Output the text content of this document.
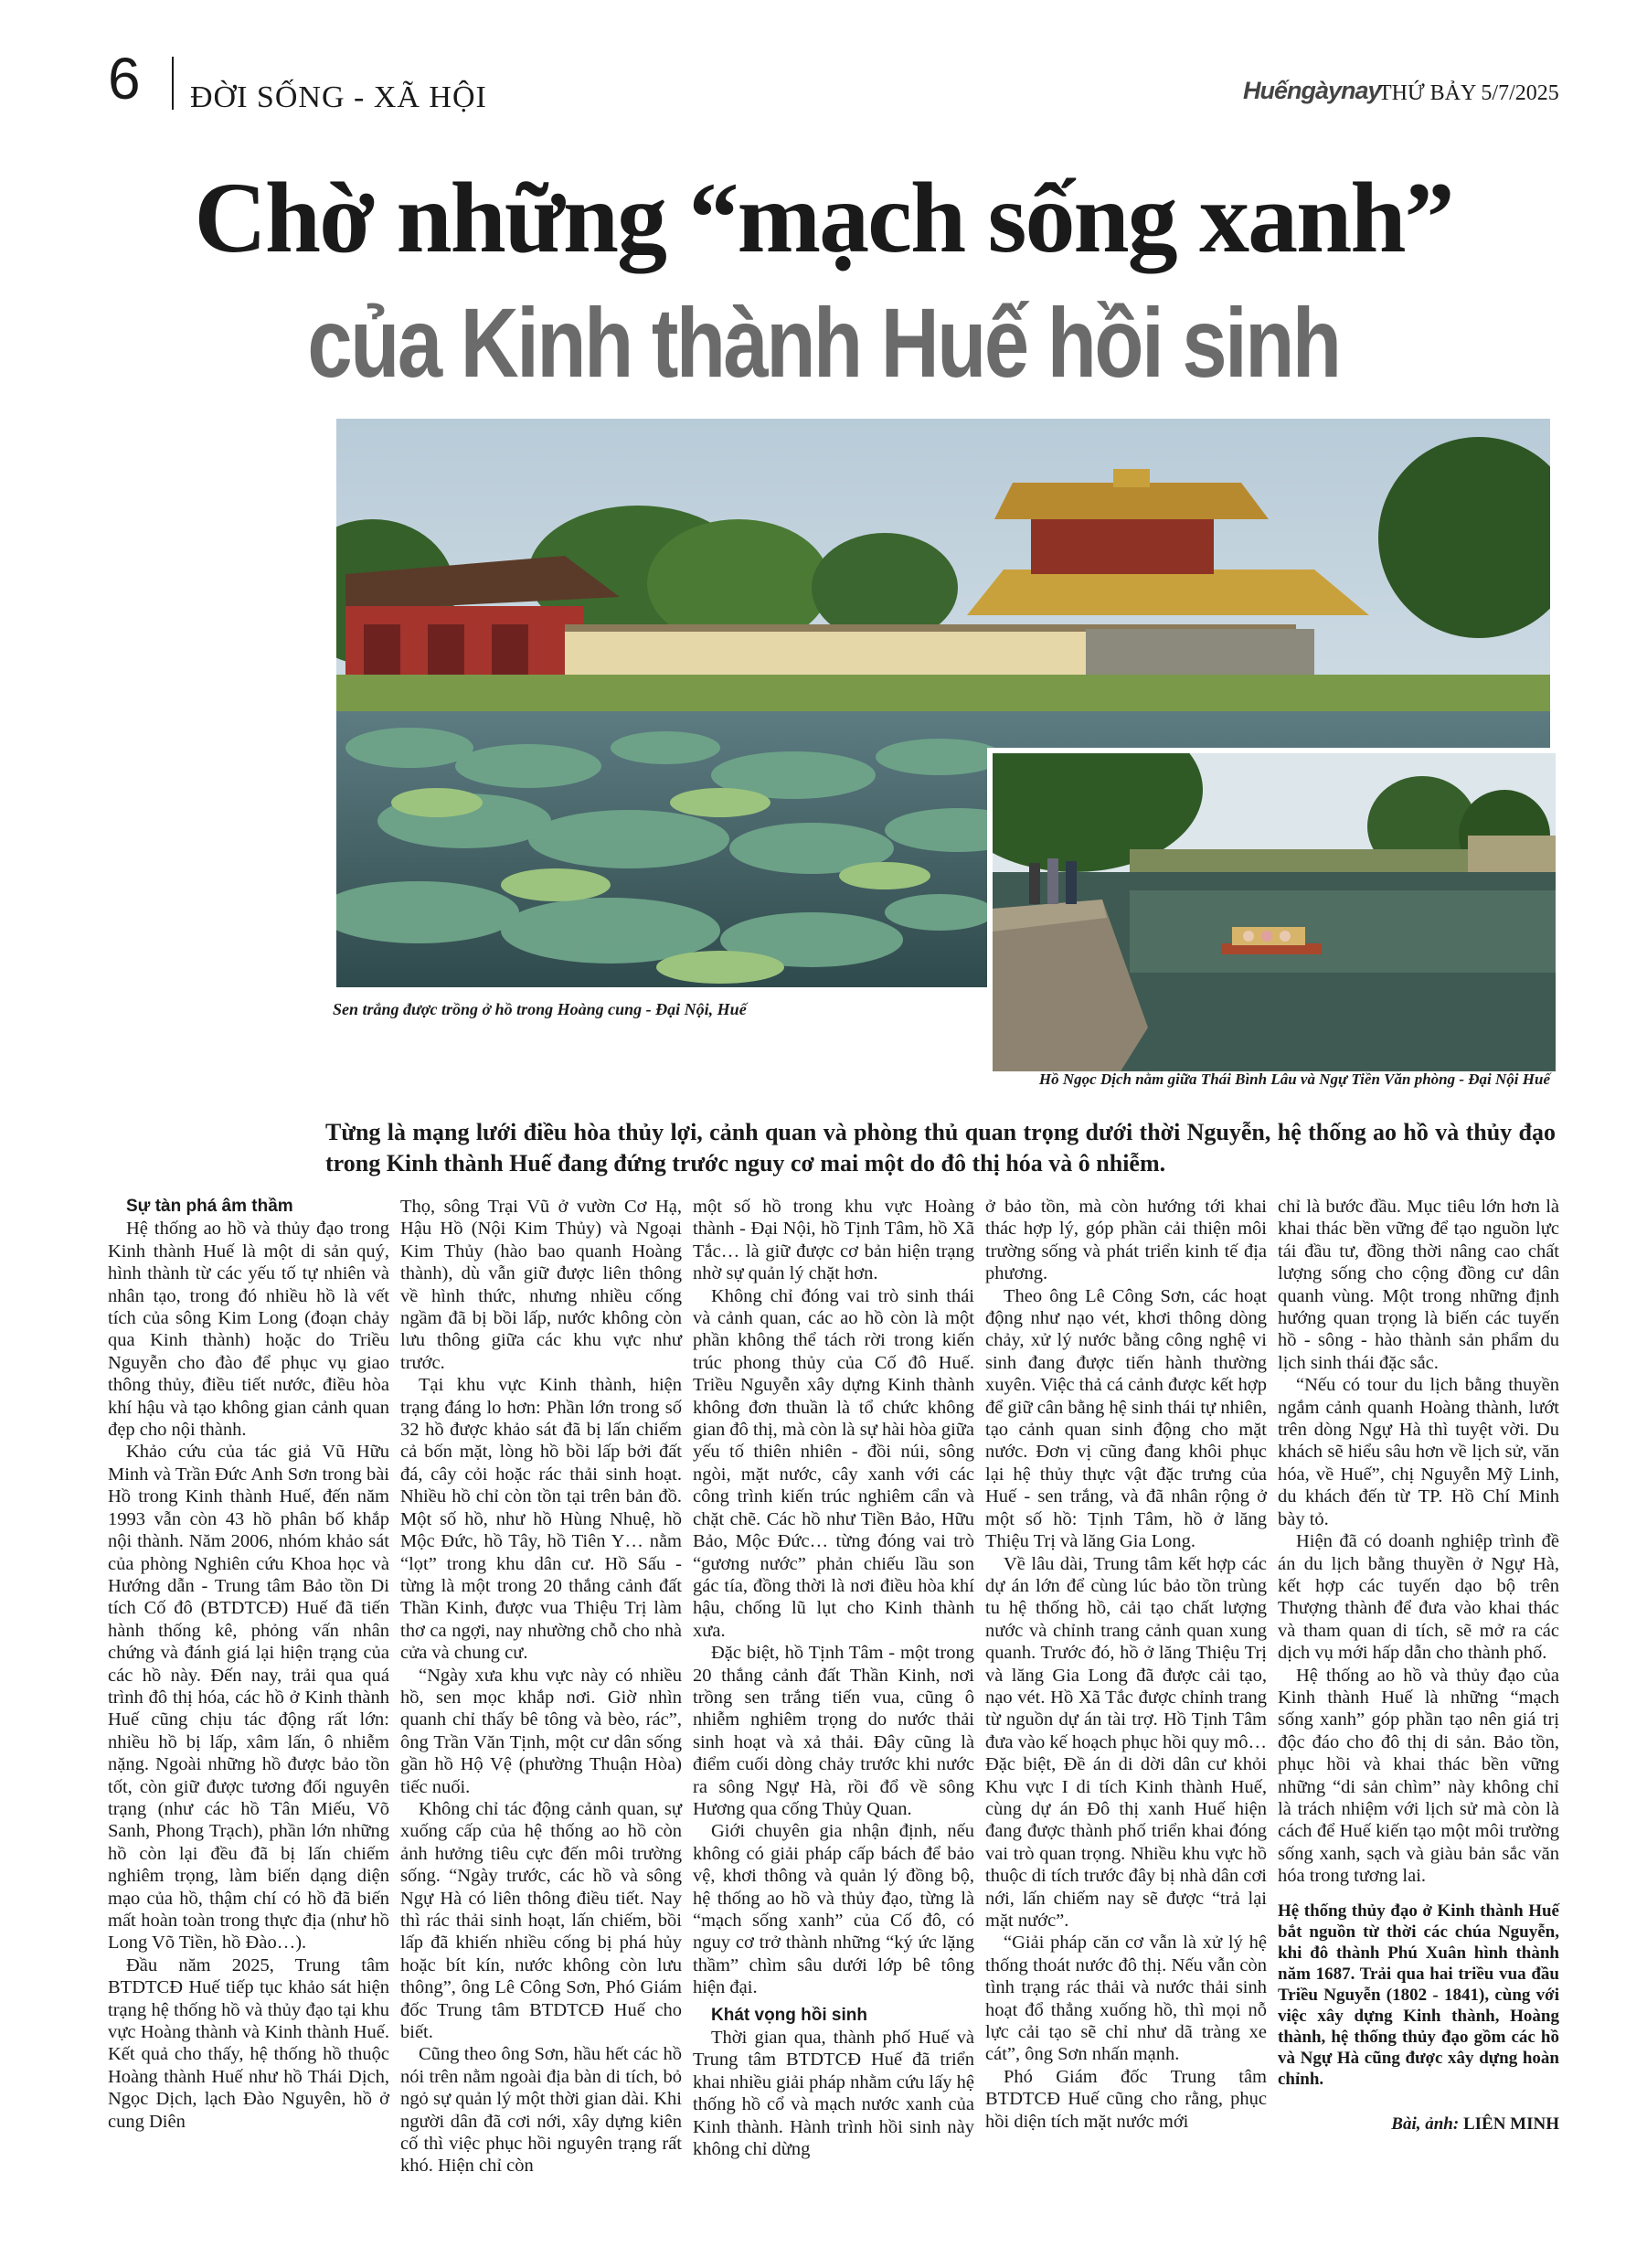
6 ĐỜI SỐNG - XÃ HỘI	Huếngàynay
THỨ BẢY 5/7/2025
Chờ những “mạch sống xanh”
của Kinh thành Huế hồi sinh
Sen trắng được trồng ở hồ trong Hoàng cung - Đại Nội, Huế
Hồ Ngọc Dịch nằm giữa Thái Bình Lâu và Ngự Tiền Văn phòng - Đại Nội Huế
Từng là mạng lưới điều hòa thủy lợi, cảnh quan và phòng thủ quan trọng dưới thời Nguyễn, hệ thống ao hồ và thủy đạo trong Kinh thành Huế đang đứng trước nguy cơ mai một do đô thị hóa và ô nhiễm.

Sự tàn phá âm thầm

Hệ thống ao hồ và thủy đạo trong Kinh thành Huế là một di sản quý, hình thành từ các yếu tố tự nhiên và nhân tạo, trong đó nhiều hồ là vết tích của sông Kim Long (đoạn chảy qua Kinh thành) hoặc do Triều Nguyễn cho đào để phục vụ giao thông thủy, điều tiết nước, điều hòa khí hậu và tạo không gian cảnh quan đẹp cho nội thành.

Khảo cứu của tác giả Vũ Hữu Minh và Trần Đức Anh Sơn trong bài Hồ trong Kinh thành Huế, đến năm 1993 vẫn còn 43 hồ phân bố khắp nội thành. Năm 2006, nhóm khảo sát của phòng Nghiên cứu Khoa học và Hướng dẫn - Trung tâm Bảo tồn Di tích Cố đô (BTDTCĐ) Huế đã tiến hành thống kê, phỏng vấn nhân chứng và đánh giá lại hiện trạng của các hồ này. Đến nay, trải qua quá trình đô thị hóa, các hồ ở Kinh thành Huế cũng chịu tác động rất lớn: nhiều hồ bị lấp, xâm lấn, ô nhiễm nặng. Ngoài những hồ được bảo tồn tốt, còn giữ được tương đối nguyên trạng (như các hồ Tân Miếu, Võ Sanh, Phong Trạch), phần lớn những hồ còn lại đều đã bị lấn chiếm nghiêm trọng, làm biến dạng diện mạo của hồ, thậm chí có hồ đã biến mất hoàn toàn trong thực địa (như hồ Long Võ Tiền, hồ Đào…).

Đầu năm 2025, Trung tâm BTDTCĐ Huế tiếp tục khảo sát hiện trạng hệ thống hồ và thủy đạo tại khu vực Hoàng thành và Kinh thành Huế. Kết quả cho thấy, hệ thống hồ thuộc Hoàng thành Huế như hồ Thái Dịch, Ngọc Dịch, lạch Đào Nguyên, hồ ở cung Diên

Thọ, sông Trại Vũ ở vườn Cơ Hạ, Hậu Hồ (Nội Kim Thủy) và Ngoại Kim Thủy (hào bao quanh Hoàng thành), dù vẫn giữ được liên thông về hình thức, nhưng nhiều cống ngầm đã bị bồi lấp, nước không còn lưu thông giữa các khu vực như trước.

Tại khu vực Kinh thành, hiện trạng đáng lo hơn: Phần lớn trong số 32 hồ được khảo sát đã bị lấn chiếm cả bốn mặt, lòng hồ bồi lấp bởi đất đá, cây cỏi hoặc rác thải sinh hoạt. Nhiều hồ chỉ còn tồn tại trên bản đồ. Một số hồ, như hồ Hùng Nhuệ, hồ Mộc Đức, hồ Tây, hồ Tiên Y… nằm “lọt” trong khu dân cư. Hồ Sấu - từng là một trong 20 thắng cảnh đất Thần Kinh, được vua Thiệu Trị làm thơ ca ngợi, nay nhường chỗ cho nhà cửa và chung cư.

“Ngày xưa khu vực này có nhiều hồ, sen mọc khắp nơi. Giờ nhìn quanh chỉ thấy bê tông và bèo, rác”, ông Trần Văn Tịnh, một cư dân sống gần hồ Hộ Vệ (phường Thuận Hòa) tiếc nuối.

Không chỉ tác động cảnh quan, sự xuống cấp của hệ thống ao hồ còn ảnh hưởng tiêu cực đến môi trường sống. “Ngày trước, các hồ và sông Ngự Hà có liên thông điều tiết. Nay thì rác thải sinh hoạt, lấn chiếm, bồi lấp đã khiến nhiều cống bị phá hủy hoặc bít kín, nước không còn lưu thông”, ông Lê Công Sơn, Phó Giám đốc Trung tâm BTDTCĐ Huế cho biết.

Cũng theo ông Sơn, hầu hết các hồ nói trên nằm ngoài địa bàn di tích, bỏ ngỏ sự quản lý một thời gian dài. Khi người dân đã cơi nới, xây dựng kiên cố thì việc phục hồi nguyên trạng rất khó. Hiện chỉ còn

một số hồ trong khu vực Hoàng thành - Đại Nội, hồ Tịnh Tâm, hồ Xã Tắc… là giữ được cơ bản hiện trạng nhờ sự quản lý chặt hơn.

Không chỉ đóng vai trò sinh thái và cảnh quan, các ao hồ còn là một phần không thể tách rời trong kiến trúc phong thủy của Cố đô Huế. Triều Nguyễn xây dựng Kinh thành không đơn thuần là tổ chức không gian đô thị, mà còn là sự hài hòa giữa yếu tố thiên nhiên - đồi núi, sông ngòi, mặt nước, cây xanh với các công trình kiến trúc nghiêm cẩn và chặt chẽ. Các hồ như Tiền Bảo, Hữu Bảo, Mộc Đức… từng đóng vai trò “gương nước” phản chiếu lầu son gác tía, đồng thời là nơi điều hòa khí hậu, chống lũ lụt cho Kinh thành xưa.

Đặc biệt, hồ Tịnh Tâm - một trong 20 thắng cảnh đất Thần Kinh, nơi trồng sen trắng tiến vua, cũng ô nhiễm nghiêm trọng do nước thải sinh hoạt và xả thải. Đây cũng là điểm cuối dòng chảy trước khi nước ra sông Ngự Hà, rồi đổ về sông Hương qua cống Thủy Quan.

Giới chuyên gia nhận định, nếu không có giải pháp cấp bách để bảo vệ, khơi thông và quản lý đồng bộ, hệ thống ao hồ và thủy đạo, từng là “mạch sống xanh” của Cố đô, có nguy cơ trở thành những “ký ức lặng thầm” chìm sâu dưới lớp bê tông hiện đại.

Khát vọng hồi sinh

Thời gian qua, thành phố Huế và Trung tâm BTDTCĐ Huế đã triển khai nhiều giải pháp nhằm cứu lấy hệ thống hồ cổ và mạch nước xanh của Kinh thành. Hành trình hồi sinh này không chỉ dừng

ở bảo tồn, mà còn hướng tới khai thác hợp lý, góp phần cải thiện môi trường sống và phát triển kinh tế địa phương.

Theo ông Lê Công Sơn, các hoạt động như nạo vét, khơi thông dòng chảy, xử lý nước bằng công nghệ vi sinh đang được tiến hành thường xuyên. Việc thả cá cảnh được kết hợp để giữ cân bằng hệ sinh thái tự nhiên, tạo cảnh quan sinh động cho mặt nước. Đơn vị cũng đang khôi phục lại hệ thủy thực vật đặc trưng của Huế - sen trắng, và đã nhân rộng ở một số hồ: Tịnh Tâm, hồ ở lăng Thiệu Trị và lăng Gia Long.

Về lâu dài, Trung tâm kết hợp các dự án lớn để cùng lúc bảo tồn trùng tu hệ thống hồ, cải tạo chất lượng nước và chỉnh trang cảnh quan xung quanh. Trước đó, hồ ở lăng Thiệu Trị và lăng Gia Long đã được cải tạo, nạo vét. Hồ Xã Tắc được chỉnh trang từ nguồn dự án tài trợ. Hồ Tịnh Tâm đưa vào kế hoạch phục hồi quy mô… Đặc biệt, Đề án di dời dân cư khỏi Khu vực I di tích Kinh thành Huế, cùng dự án Đô thị xanh Huế hiện đang được thành phố triển khai đóng vai trò quan trọng. Nhiều khu vực hồ thuộc di tích trước đây bị nhà dân cơi nới, lấn chiếm nay sẽ được “trả lại mặt nước”.

“Giải pháp căn cơ vẫn là xử lý hệ thống thoát nước đô thị. Nếu vẫn còn tình trạng rác thải và nước thải sinh hoạt đổ thẳng xuống hồ, thì mọi nỗ lực cải tạo sẽ chỉ như dã tràng xe cát”, ông Sơn nhấn mạnh.

Phó Giám đốc Trung tâm BTDTCĐ Huế cũng cho rằng, phục hồi diện tích mặt nước mới

chỉ là bước đầu. Mục tiêu lớn hơn là khai thác bền vững để tạo nguồn lực tái đầu tư, đồng thời nâng cao chất lượng sống cho cộng đồng cư dân quanh vùng. Một trong những định hướng quan trọng là biến các tuyến hồ - sông - hào thành sản phẩm du lịch sinh thái đặc sắc.

“Nếu có tour du lịch bằng thuyền ngắm cảnh quanh Hoàng thành, lướt trên dòng Ngự Hà thì tuyệt vời. Du khách sẽ hiểu sâu hơn về lịch sử, văn hóa, về Huế”, chị Nguyễn Mỹ Linh, du khách đến từ TP. Hồ Chí Minh bày tỏ.

Hiện đã có doanh nghiệp trình đề án du lịch bằng thuyền ở Ngự Hà, kết hợp các tuyến dạo bộ trên Thượng thành để đưa vào khai thác và tham quan di tích, sẽ mở ra các dịch vụ mới hấp dẫn cho thành phố.

Hệ thống ao hồ và thủy đạo của Kinh thành Huế là những “mạch sống xanh” góp phần tạo nên giá trị độc đáo cho đô thị di sản. Bảo tồn, phục hồi và khai thác bền vững những “di sản chìm” này không chỉ là trách nhiệm với lịch sử mà còn là cách để Huế kiến tạo một môi trường sống xanh, sạch và giàu bản sắc văn hóa trong tương lai.

Hệ thống thủy đạo ở Kinh thành Huế bắt nguồn từ thời các chúa Nguyễn, khi đô thành Phú Xuân hình thành năm 1687. Trải qua hai triều vua đầu Triều Nguyễn (1802 - 1841), cùng với việc xây dựng Kinh thành, Hoàng thành, hệ thống thủy đạo gồm các hồ và Ngự Hà cũng được xây dựng hoàn chỉnh.

Bài, ảnh: LIÊN MINH
